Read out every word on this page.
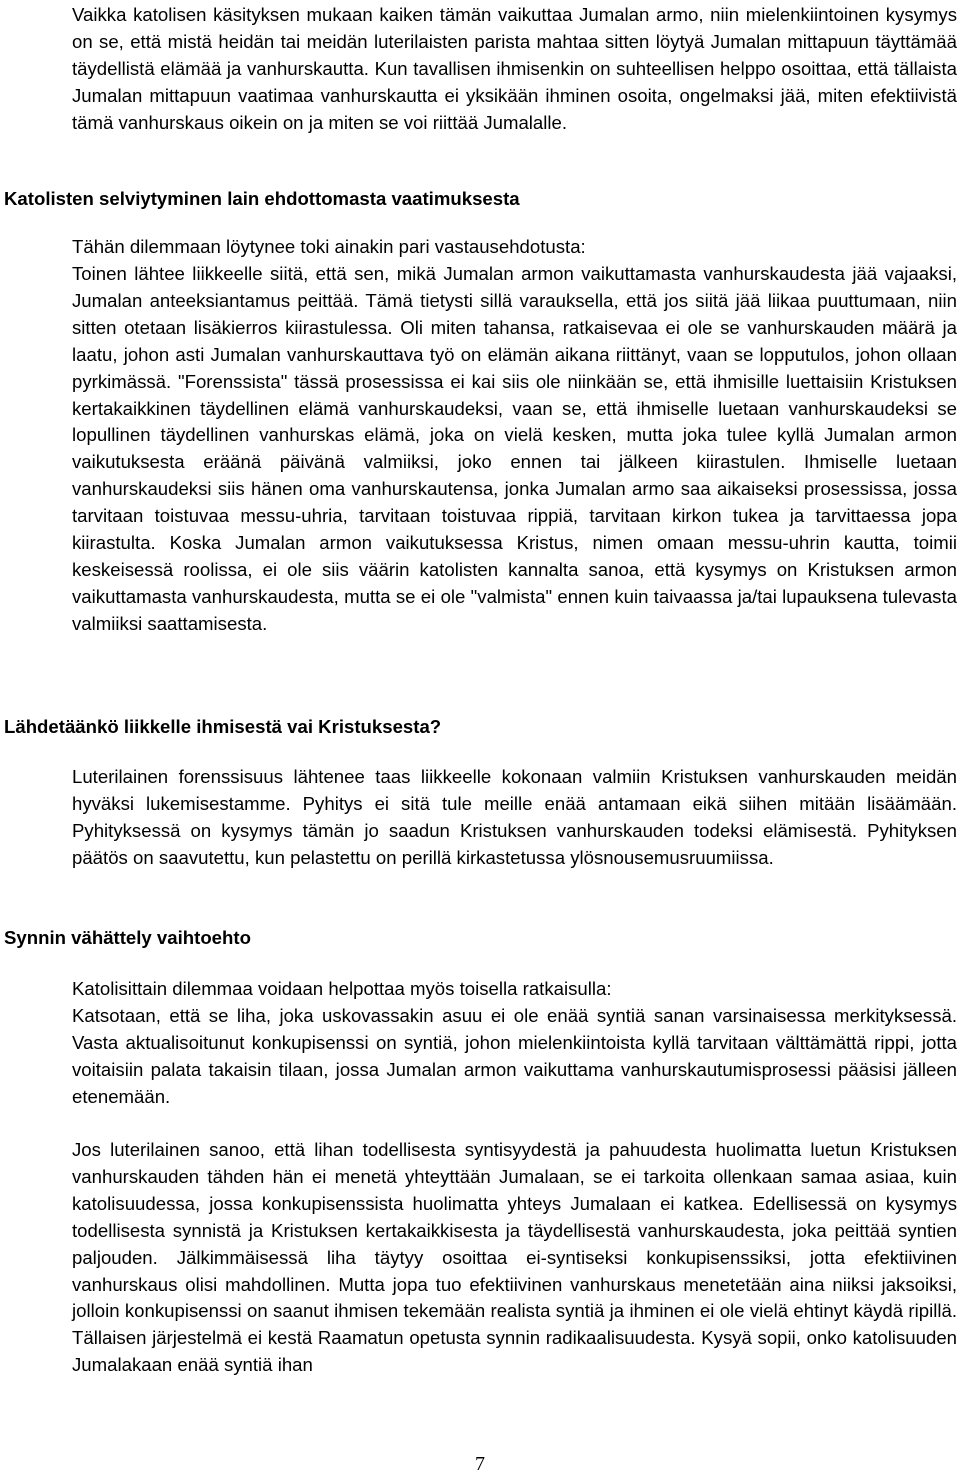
Vaikka katolisen käsityksen mukaan kaiken tämän vaikuttaa Jumalan armo, niin mielenkiintoinen kysymys on se, että mistä heidän tai meidän luterilaisten parista mahtaa sitten löytyä Jumalan mittapuun täyttämää täydellistä elämää ja vanhurskautta. Kun tavallisen ihmisenkin on suhteellisen helppo osoittaa, että tällaista Jumalan mittapuun vaatimaa vanhurskautta ei yksikään ihminen osoita, ongelmaksi jää, miten efektiivistä tämä vanhurskaus oikein on ja miten se voi riittää Jumalalle.

Katolisten selviytyminen lain ehdottomasta vaatimuksesta

Tähän dilemmaan löytynee toki ainakin pari vastausehdotusta:

Toinen lähtee liikkeelle siitä, että sen, mikä Jumalan armon vaikuttamasta vanhurskaudesta jää vajaaksi, Jumalan anteeksiantamus peittää. Tämä tietysti sillä varauksella, että jos siitä jää liikaa puuttumaan, niin sitten otetaan lisäkierros kiirastulessa. Oli miten tahansa, ratkaisevaa ei ole se vanhurskauden määrä ja laatu, johon asti Jumalan vanhurskauttava työ on elämän aikana riittänyt, vaan se lopputulos, johon ollaan pyrkimässä. "Forenssista" tässä prosessissa ei kai siis ole niinkään se, että ihmisille luettaisiin Kristuksen kertakaikkinen täydellinen elämä vanhurskaudeksi, vaan se, että ihmiselle luetaan vanhurskaudeksi se lopullinen täydellinen vanhurskas elämä, joka on vielä kesken, mutta joka tulee kyllä Jumalan armon vaikutuksesta eräänä päivänä valmiiksi, joko ennen tai jälkeen kiirastulen. Ihmiselle luetaan vanhurskaudeksi siis hänen oma vanhurskautensa, jonka Jumalan armo saa aikaiseksi prosessissa, jossa tarvitaan toistuvaa messu-uhria, tarvitaan toistuvaa rippiä, tarvitaan kirkon tukea ja tarvittaessa jopa kiirastulta. Koska Jumalan armon vaikutuksessa Kristus, nimen omaan messu-uhrin kautta, toimii keskeisessä roolissa, ei ole siis väärin katolisten kannalta sanoa, että kysymys on Kristuksen armon vaikuttamasta vanhurskaudesta, mutta se ei ole "valmista" ennen kuin taivaassa ja/tai lupauksena tulevasta valmiiksi saattamisesta.

Lähdetäänkö liikkelle ihmisestä vai Kristuksesta?

Luterilainen forenssisuus lähtenee taas liikkeelle kokonaan valmiin Kristuksen vanhurskauden meidän hyväksi lukemisestamme. Pyhitys ei sitä tule meille enää antamaan eikä siihen mitään lisäämään. Pyhityksessä on kysymys tämän jo saadun Kristuksen vanhurskauden todeksi elämisestä. Pyhityksen päätös on saavutettu, kun pelastettu on perillä kirkastetussa ylösnousemusruumiissa.

Synnin vähättely vaihtoehto

Katolisittain dilemmaa voidaan helpottaa myös toisella ratkaisulla:

Katsotaan, että se liha, joka uskovassakin asuu ei ole enää syntiä sanan varsinaisessa merkityksessä. Vasta aktualisoitunut konkupisenssi on syntiä, johon mielenkiintoista kyllä tarvitaan välttämättä rippi, jotta voitaisiin palata takaisin tilaan, jossa Jumalan armon vaikuttama vanhurskautumisprosessi pääsisi jälleen etenemään.

Jos luterilainen sanoo, että lihan todellisesta syntisyydestä ja pahuudesta huolimatta luetun Kristuksen vanhurskauden tähden hän ei menetä yhteyttään Jumalaan, se ei tarkoita ollenkaan samaa asiaa, kuin katolisuudessa, jossa konkupisenssista huolimatta yhteys Jumalaan ei katkea. Edellisessä on kysymys todellisesta synnistä ja Kristuksen kertakaikkisesta ja täydellisestä vanhurskaudesta, joka peittää syntien paljouden. Jälkimmäisessä liha täytyy osoittaa ei-syntiseksi konkupisenssiksi, jotta efektiivinen vanhurskaus olisi mahdollinen. Mutta jopa tuo efektiivinen vanhurskaus menetetään aina niiksi jaksoiksi, jolloin konkupisenssi on saanut ihmisen tekemään realista syntiä ja ihminen ei ole vielä ehtinyt käydä ripillä. Tällaisen järjestelmä ei kestä Raamatun opetusta synnin radikaalisuudesta. Kysyä sopii, onko katolisuuden Jumalakaan enää syntiä ihan

7
